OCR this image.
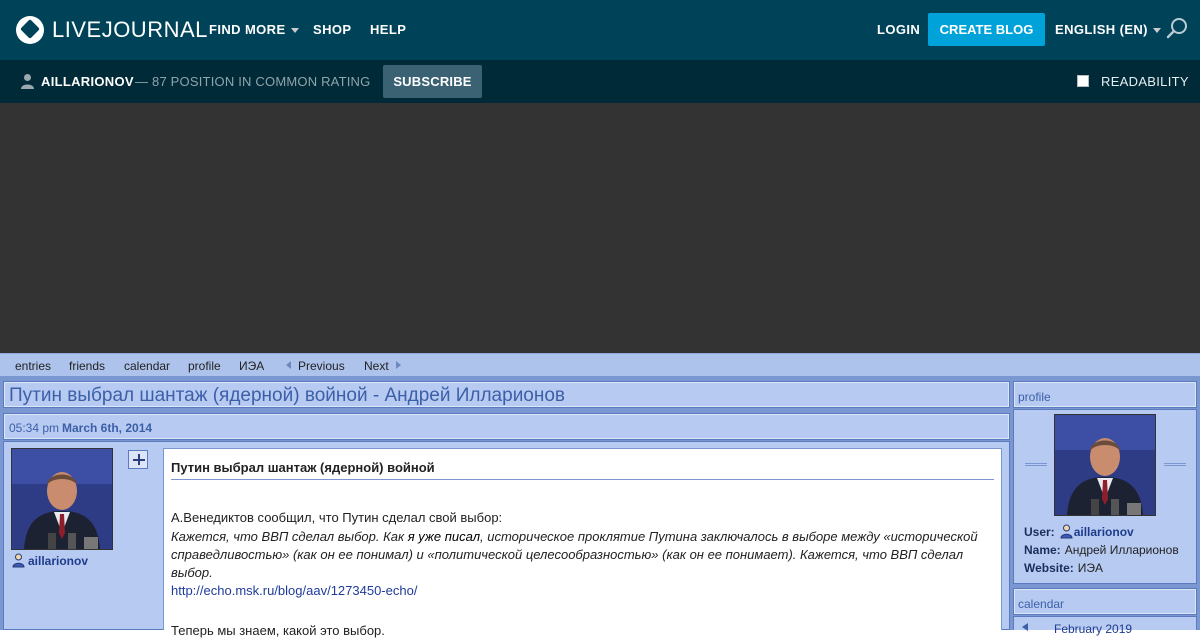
LIVEJOURNAL FIND MORE	SHOP HELP	LOGIN	CREATE BLOG	ENGLISH (EN)
AILLARIONOV — 87 POSITION IN COMMON RATING	SUBSCRIBE	READABILITY
entries friends calendar profile ИЭА	Previous Next
Путин выбрал шантаж (ядерной) войной - Андрей Илларионов
05:34 pm March 6th, 2014
aillarionov
Путин выбрал шантаж (ядерной) войной
А.Венедиктов сообщил, что Путин сделал свой выбор:
Кажется, что ВВП сделал выбор. Как я уже писал, историческое проклятие Путина заключалось в выборе между «исторической справедливостью» (как он ее понимал) и «политической целесообразностью» (как он ее понимает). Кажется, что ВВП сделал выбор.
http://echo.msk.ru/blog/aav/1273450-echo/
Теперь мы знаем, какой это выбор.
profile
User: aillarionov
Name: Андрей Илларионов
Website: ИЭА
calendar
February 2019
